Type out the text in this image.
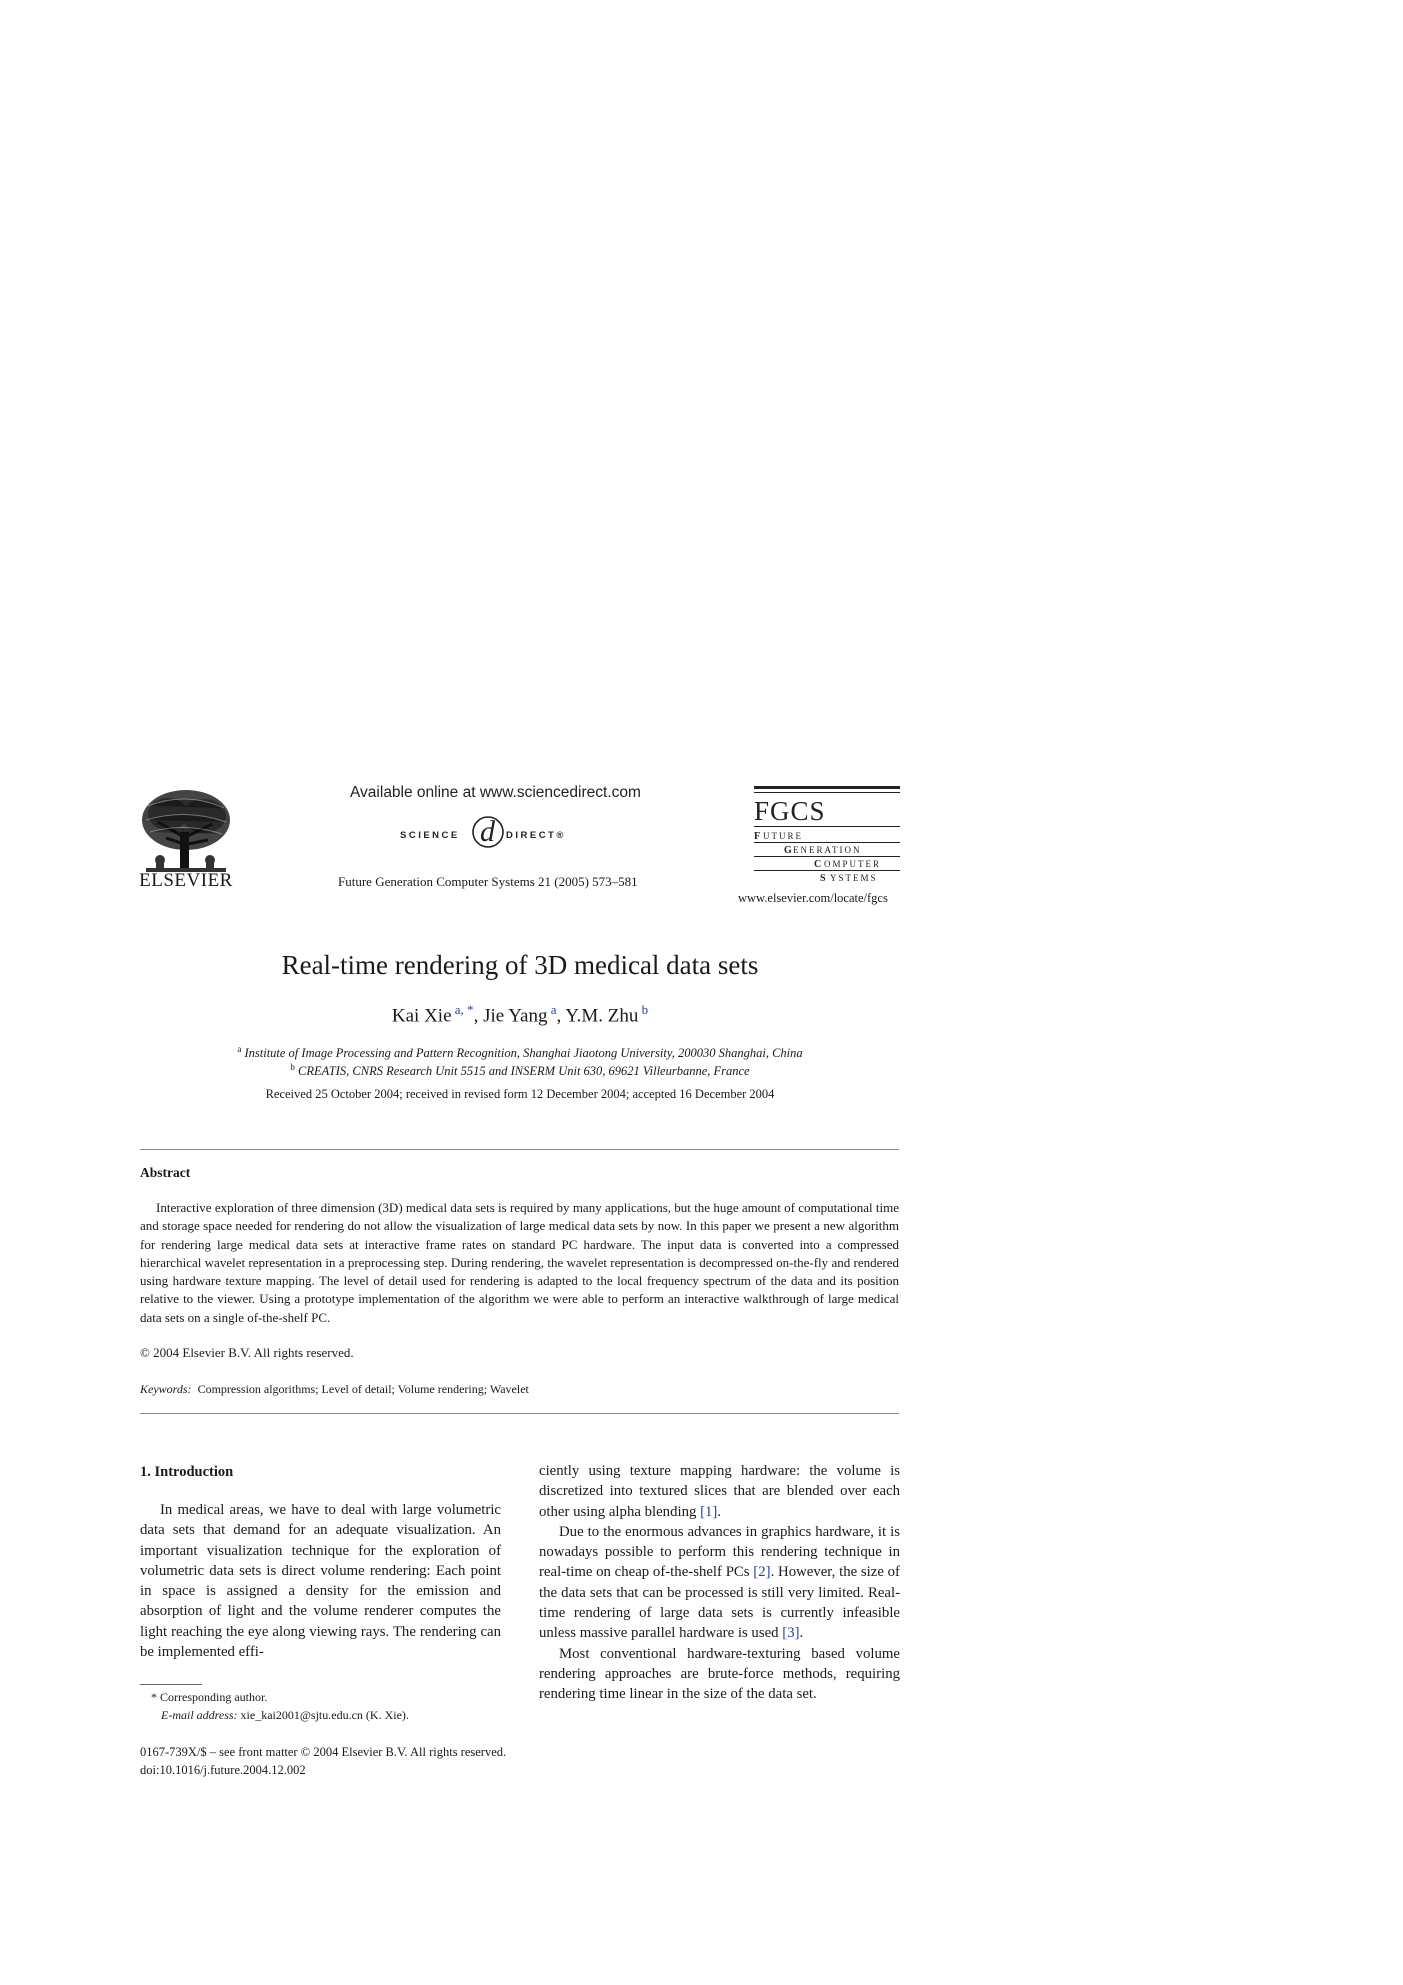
ELSEVIER
Available online at www.sciencedirect.com
SCIENCE d DIRECT®
Future Generation Computer Systems 21 (2005) 573–581
FGCS
F UTURE
G ENERATION
C OMPUTER
S YSTEMS
www.elsevier.com/locate/fgcs
Real-time rendering of 3D medical data sets
Kai Xie $^{a, *}$, Jie Yang $^a$, Y.M. Zhu $^b$
$^a$ Institute of Image Processing and Pattern Recognition, Shanghai Jiaotong University, 200030 Shanghai, China
$^b$ CREATIS, CNRS Research Unit 5515 and INSERM Unit 630, 69621 Villeurbanne, France
Received 25 October 2004; received in revised form 12 December 2004; accepted 16 December 2004
Abstract
Interactive exploration of three dimension (3D) medical data sets is required by many applications, but the huge amount of computational time and storage space needed for rendering do not allow the visualization of large medical data sets by now. In this paper we present a new algorithm for rendering large medical data sets at interactive frame rates on standard PC hardware. The input data is converted into a compressed hierarchical wavelet representation in a preprocessing step. During rendering, the wavelet representation is decompressed on-the-fly and rendered using hardware texture mapping. The level of detail used for rendering is adapted to the local frequency spectrum of the data and its position relative to the viewer. Using a prototype implementation of the algorithm we were able to perform an interactive walkthrough of large medical data sets on a single of-the-shelf PC.
© 2004 Elsevier B.V. All rights reserved.
Keywords: Compression algorithms; Level of detail; Volume rendering; Wavelet
1. Introduction

In medical areas, we have to deal with large volumetric data sets that demand for an adequate visualization. An important visualization technique for the exploration of volumetric data sets is direct volume rendering: Each point in space is assigned a density for the emission and absorption of light and the volume renderer computes the light reaching the eye along viewing rays. The rendering can be implemented effi-

ciently using texture mapping hardware: the volume is discretized into textured slices that are blended over each other using alpha blending [1].

Due to the enormous advances in graphics hardware, it is nowadays possible to perform this rendering technique in real-time on cheap of-the-shelf PCs [2]. However, the size of the data sets that can be processed is still very limited. Real-time rendering of large data sets is currently infeasible unless massive parallel hardware is used [3].

Most conventional hardware-texturing based volume rendering approaches are brute-force methods, requiring rendering time linear in the size of the data set.

* Corresponding author.
E-mail address: xie_kai2001@sjtu.edu.cn (K. Xie).
0167-739X/$ – see front matter © 2004 Elsevier B.V. All rights reserved.
doi:10.1016/j.future.2004.12.002
